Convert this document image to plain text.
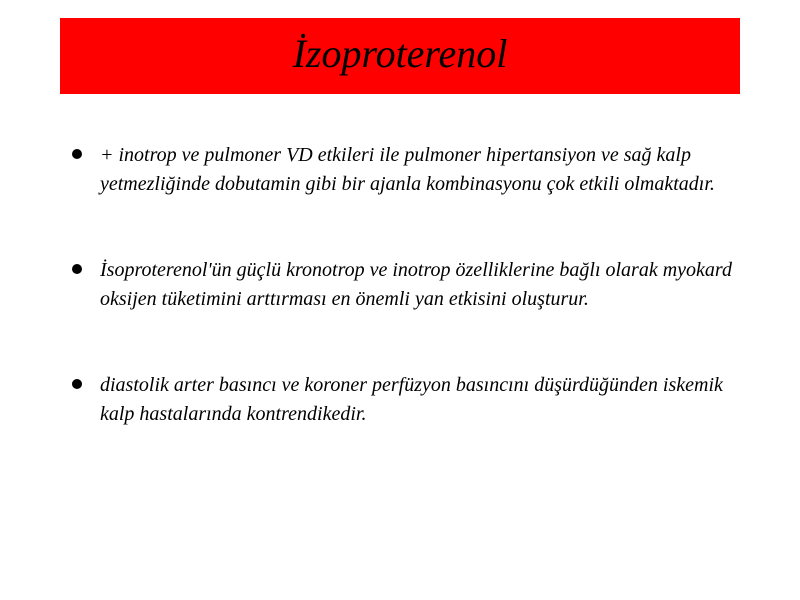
İzoproterenol
+ inotrop ve pulmoner VD etkileri ile pulmoner hipertansiyon ve sağ kalp yetmezliğinde dobutamin gibi bir ajanla kombinasyonu çok etkili olmaktadır.
İsoproterenol'ün güçlü kronotrop ve inotrop özelliklerine bağlı olarak myokard oksijen tüketimini arttırması en önemli yan etkisini oluşturur.
diastolik arter basıncı ve koroner perfüzyon basıncını düşürdüğünden iskemik kalp hastalarında kontrendikedir.
